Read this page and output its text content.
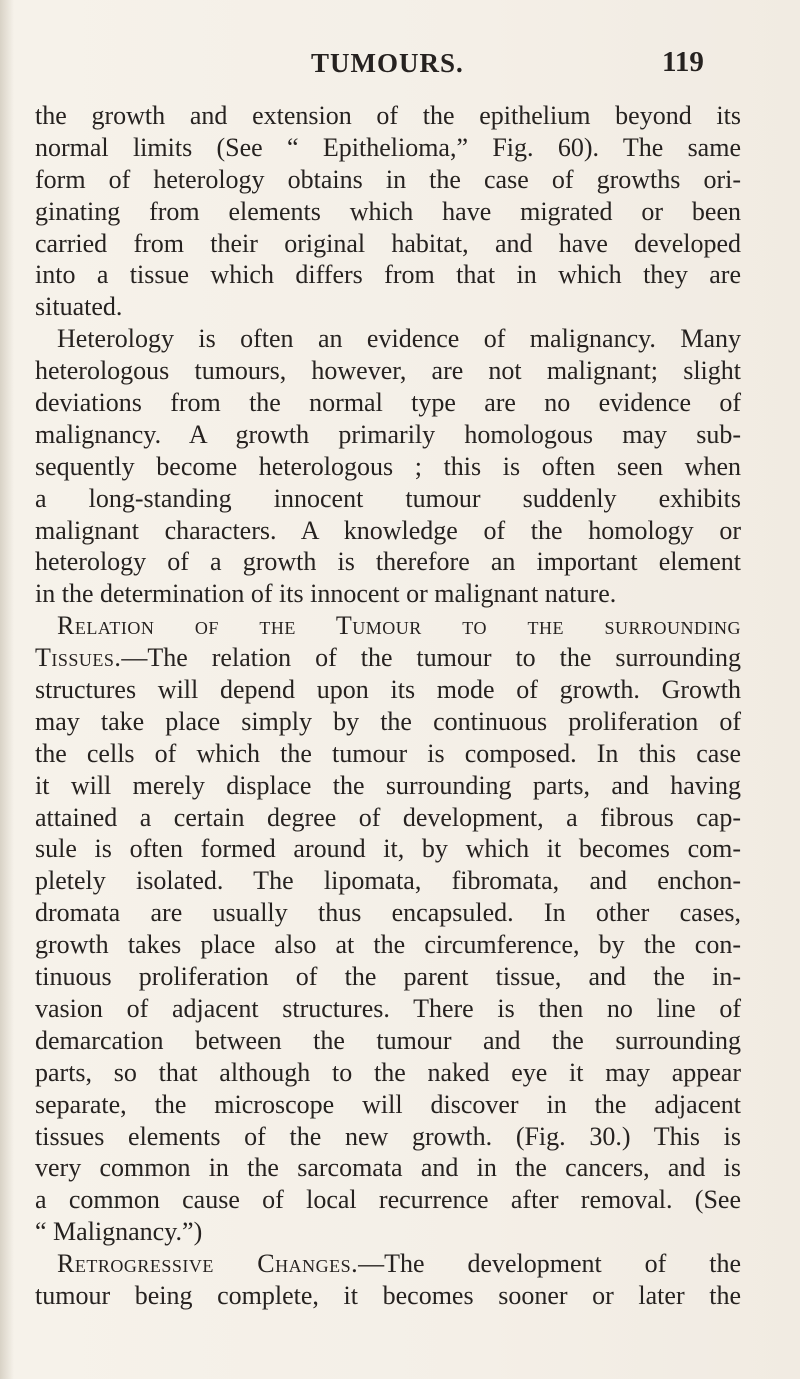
TUMOURS.	119
the growth and extension of the epithelium beyond its
normal limits (See “ Epithelioma,” Fig. 60). The same
form of heterology obtains in the case of growths ori-
ginating from elements which have migrated or been
carried from their original habitat, and have developed
into a tissue which differs from that in which they are
situated.
Heterology is often an evidence of malignancy. Many
heterologous tumours, however, are not malignant; slight
deviations from the normal type are no evidence of
malignancy. A growth primarily homologous may sub-
sequently become heterologous ; this is often seen when
a long-standing innocent tumour suddenly exhibits
malignant characters. A knowledge of the homology or
heterology of a growth is therefore an important element
in the determination of its innocent or malignant nature.
Relation of the Tumour to the surrounding
Tissues.—The relation of the tumour to the surrounding
structures will depend upon its mode of growth. Growth
may take place simply by the continuous proliferation of
the cells of which the tumour is composed. In this case
it will merely displace the surrounding parts, and having
attained a certain degree of development, a fibrous cap-
sule is often formed around it, by which it becomes com-
pletely isolated. The lipomata, fibromata, and enchon-
dromata are usually thus encapsuled. In other cases,
growth takes place also at the circumference, by the con-
tinuous proliferation of the parent tissue, and the in-
vasion of adjacent structures. There is then no line of
demarcation between the tumour and the surrounding
parts, so that although to the naked eye it may appear
separate, the microscope will discover in the adjacent
tissues elements of the new growth. (Fig. 30.) This is
very common in the sarcomata and in the cancers, and is
a common cause of local recurrence after removal. (See
“ Malignancy.”)
Retrogressive Changes.—The development of the
tumour being complete, it becomes sooner or later the
